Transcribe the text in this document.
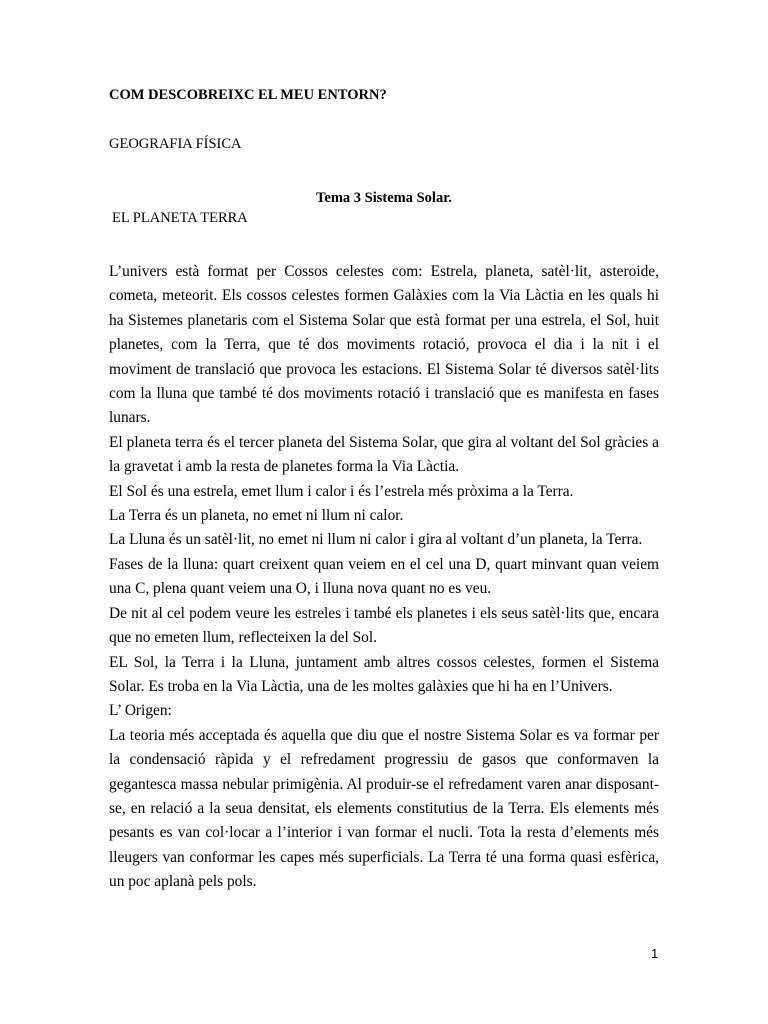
COM DESCOBREIXC EL MEU ENTORN?
GEOGRAFIA FÍSICA
Tema 3 Sistema Solar.
EL PLANETA TERRA

L’univers està format per Cossos celestes com: Estrela, planeta, satèl·lit, asteroide, cometa, meteorit. Els cossos celestes formen Galàxies com la Via Làctia en les quals hi ha Sistemes planetaris com el Sistema Solar que està format per una estrela, el Sol, huit planetes, com la Terra, que té dos moviments rotació, provoca el dia i la nit i el moviment de translació que provoca les estacions. El Sistema Solar té diversos satèl·lits com la lluna que també té dos moviments rotació i translació que es manifesta en fases lunars.

El planeta terra és el tercer planeta del Sistema Solar, que gira al voltant del Sol gràcies a la gravetat i amb la resta de planetes forma la Via Làctia.

El Sol és una estrela, emet llum i calor i és l’estrela més pròxima a la Terra.

La Terra és un planeta, no emet ni llum ni calor.

La Lluna és un satèl·lit, no emet ni llum ni calor i gira al voltant d’un planeta, la Terra.

Fases de la lluna: quart creixent quan veiem en el cel una D, quart minvant quan veiem una C, plena quant veiem una O, i lluna nova quant no es veu.

De nit al cel podem veure les estreles i també els planetes i els seus satèl·lits que, encara que no emeten llum, reflecteixen la del Sol.

EL Sol, la Terra i la Lluna, juntament amb altres cossos celestes, formen el Sistema Solar. Es troba en la Via Làctia, una de les moltes galàxies que hi ha en l’Univers.

L’ Origen:

La teoria més acceptada és aquella que diu que el nostre Sistema Solar es va formar per la condensació ràpida y el refredament progressiu de gasos que conformaven la gegantesca massa nebular primigènia. Al produir-se el refredament varen anar disposant-se, en relació a la seua densitat, els elements constitutius de la Terra. Els elements més pesants es van col·locar a l’interior i van formar el nucli. Tota la resta d’elements més lleugers van conformar les capes més superficials. La Terra té una forma quasi esfèrica, un poc aplanà pels pols.

1
